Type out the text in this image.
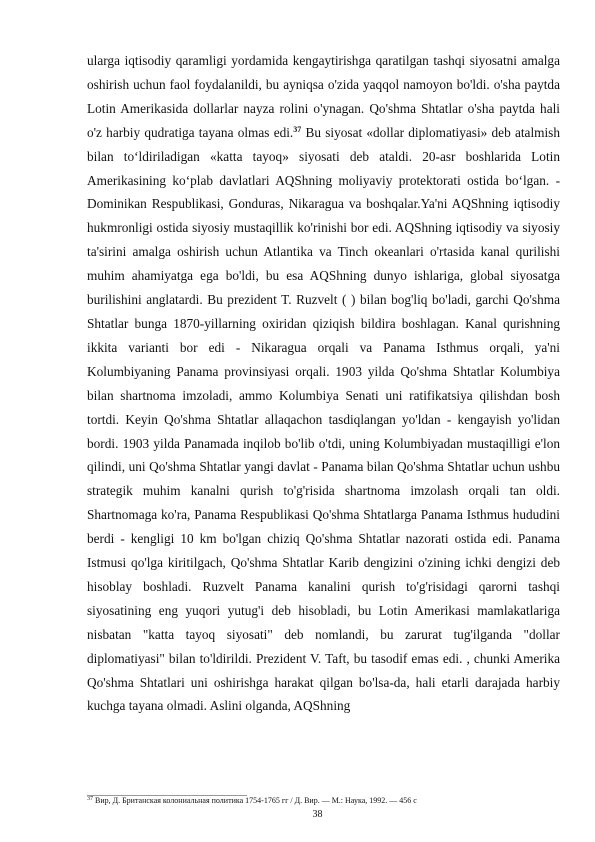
ularga iqtisodiy qaramligi yordamida kengaytirishga qaratilgan tashqi siyosatni amalga oshirish uchun faol foydalanildi, bu ayniqsa o'zida yaqqol namoyon bo'ldi. o'sha paytda Lotin Amerikasida dollarlar nayza rolini o'ynagan. Qo'shma Shtatlar o'sha paytda hali o'z harbiy qudratiga tayana olmas edi.$^{37}$ Bu siyosat «dollar diplomatiyasi» deb atalmish bilan to‘ldiriladigan «katta tayoq» siyosati deb ataldi. 20-asr boshlarida Lotin Amerikasining ko‘plab davlatlari AQShning moliyaviy protektorati ostida bo‘lgan. - Dominikan Respublikasi, Gonduras, Nikaragua va boshqalar.Ya'ni AQShning iqtisodiy hukmronligi ostida siyosiy mustaqillik ko'rinishi bor edi. AQShning iqtisodiy va siyosiy ta'sirini amalga oshirish uchun Atlantika va Tinch okeanlari o'rtasida kanal qurilishi muhim ahamiyatga ega bo'ldi, bu esa AQShning dunyo ishlariga, global siyosatga burilishini anglatardi. Bu prezident T. Ruzvelt ( ) bilan bog'liq bo'ladi, garchi Qo'shma Shtatlar bunga 1870-yillarning oxiridan qiziqish bildira boshlagan. Kanal qurishning ikkita varianti bor edi - Nikaragua orqali va Panama Isthmus orqali, ya'ni Kolumbiyaning Panama provinsiyasi orqali. 1903 yilda Qo'shma Shtatlar Kolumbiya bilan shartnoma imzoladi, ammo Kolumbiya Senati uni ratifikatsiya qilishdan bosh tortdi. Keyin Qo'shma Shtatlar allaqachon tasdiqlangan yo'ldan - kengayish yo'lidan bordi. 1903 yilda Panamada inqilob bo'lib o'tdi, uning Kolumbiyadan mustaqilligi e'lon qilindi, uni Qo'shma Shtatlar yangi davlat - Panama bilan Qo'shma Shtatlar uchun ushbu strategik muhim kanalni qurish to'g'risida shartnoma imzolash orqali tan oldi. Shartnomaga ko'ra, Panama Respublikasi Qo'shma Shtatlarga Panama Isthmus hududini berdi - kengligi 10 km bo'lgan chiziq Qo'shma Shtatlar nazorati ostida edi. Panama Istmusi qo'lga kiritilgach, Qo'shma Shtatlar Karib dengizini o'zining ichki dengizi deb hisoblay boshladi. Ruzvelt Panama kanalini qurish to'g'risidagi qarorni tashqi siyosatining eng yuqori yutug'i deb hisobladi, bu Lotin Amerikasi mamlakatlariga nisbatan "katta tayoq siyosati" deb nomlandi, bu zarurat tug'ilganda "dollar diplomatiyasi" bilan to'ldirildi. Prezident V. Taft, bu tasodif emas edi. , chunki Amerika Qo'shma Shtatlari uni oshirishga harakat qilgan bo'lsa-da, hali etarli darajada harbiy kuchga tayana olmadi. Aslini olganda, AQShning

$^{37}$ Вир, Д. Британская колониальная политика 1754-1765 гг / Д. Вир. — М.: Наука, 1992. — 456 с

38
